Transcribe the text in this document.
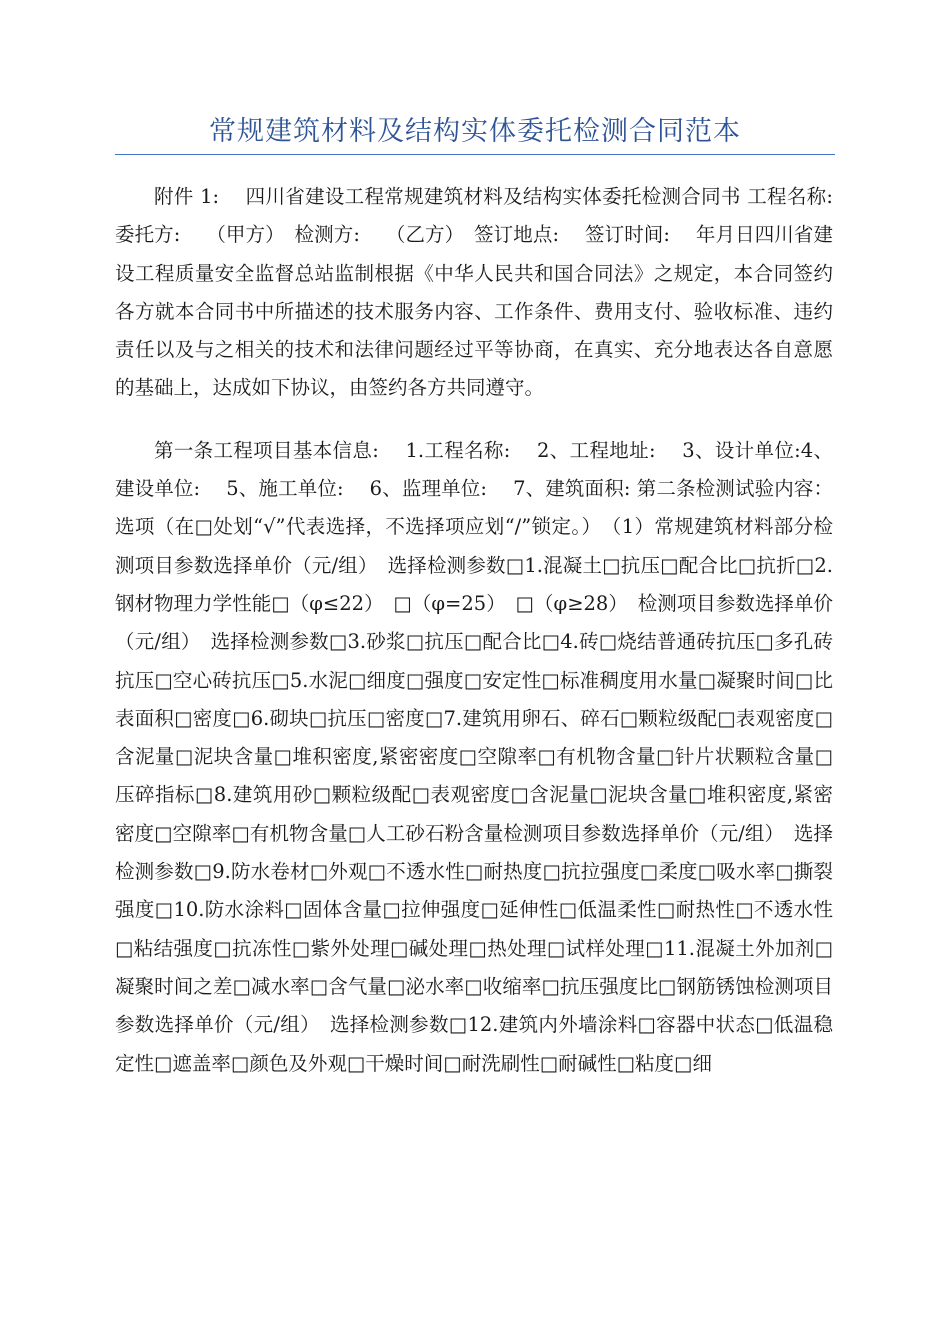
常规建筑材料及结构实体委托检测合同范本

附件 1:　 四川省建设工程常规建筑材料及结构实体委托检测合同书 工程名称:　 委托方:　 （甲方）　检测方:　 （乙方）　签订地点:　 签订时间:　 年月日四川省建设工程质量安全监督总站监制根据《中华人民共和国合同法》之规定，本合同签约各方就本合同书中所描述的技术服务内容、工作条件、费用支付、验收标准、违约责任以及与之相关的技术和法律问题经过平等协商，在真实、充分地表达各自意愿的基础上，达成如下协议，由签约各方共同遵守。

第一条工程项目基本信息:　 1.工程名称:　 2、工程地址:　 3、设计单位:4、建设单位:　 5、施工单位:　 6、监理单位:　 7、建筑面积: 第二条检测试验内容：选项（在□处划“√”代表选择，不选择项应划“/”锁定。）　（1）常规建筑材料部分检测项目参数选择单价（元/组）　选择检测参数□1.混凝土□抗压□配合比□抗折□2.钢材物理力学性能□（φ≤22）　□（φ=25）　□（φ≥28）　检测项目参数选择单价（元/组）　选择检测参数□3.砂浆□抗压□配合比□4.砖□烧结普通砖抗压□多孔砖抗压□空心砖抗压□5.水泥□细度□强度□安定性□标准稠度用水量□凝聚时间□比表面积□密度□6.砌块□抗压□密度□7.建筑用卵石、碎石□颗粒级配□表观密度□含泥量□泥块含量□堆积密度,紧密密度□空隙率□有机物含量□针片状颗粒含量□压碎指标□8.建筑用砂□颗粒级配□表观密度□含泥量□泥块含量□堆积密度,紧密密度□空隙率□有机物含量□人工砂石粉含量检测项目参数选择单价（元/组）　选择检测参数□9.防水卷材□外观□不透水性□耐热度□抗拉强度□柔度□吸水率□撕裂强度□10.防水涂料□固体含量□拉伸强度□延伸性□低温柔性□耐热性□不透水性□粘结强度□抗冻性□紫外处理□碱处理□热处理□试样处理□11.混凝土外加剂□凝聚时间之差□减水率□含气量□泌水率□收缩率□抗压强度比□钢筋锈蚀检测项目参数选择单价（元/组）　选择检测参数□12.建筑内外墙涂料□容器中状态□低温稳定性□遮盖率□颜色及外观□干燥时间□耐洗刷性□耐碱性□粘度□细
